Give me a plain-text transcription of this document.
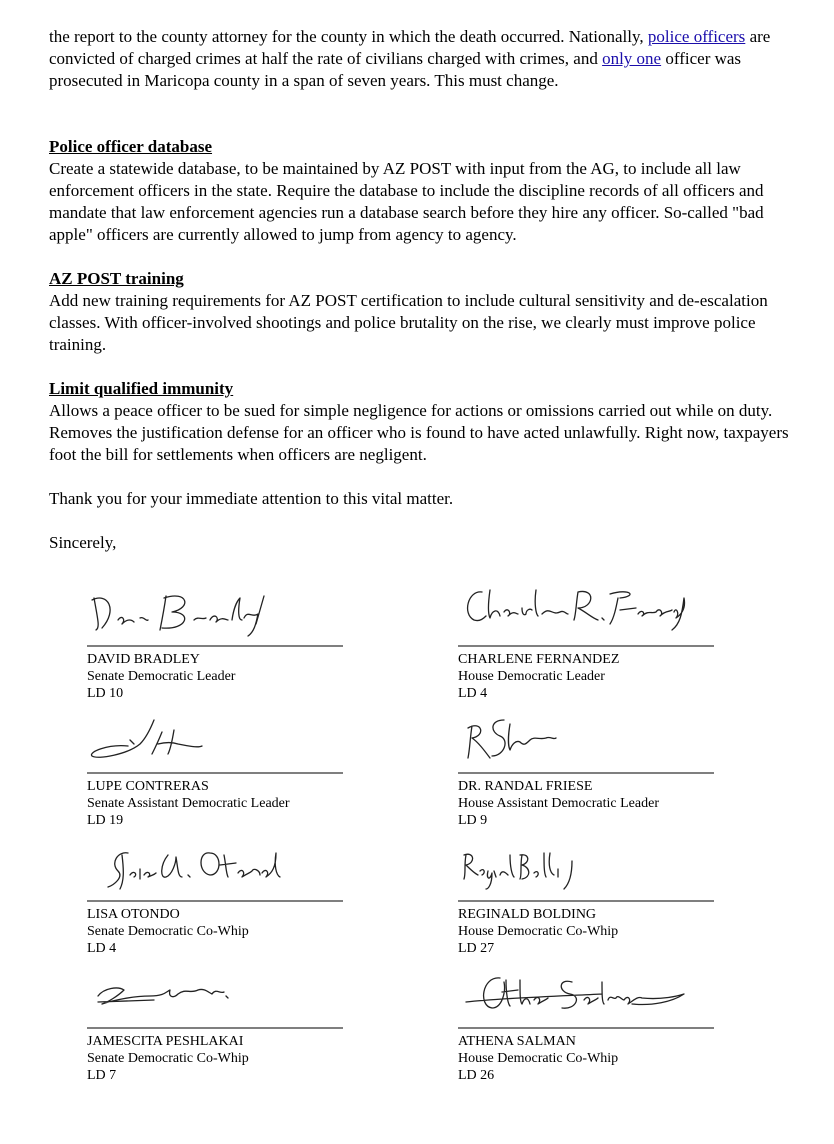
the report to the county attorney for the county in which the death occurred. Nationally, police officers are convicted of charged crimes at half the rate of civilians charged with crimes, and only one officer was prosecuted in Maricopa county in a span of seven years. This must change.

Police officer database

Create a statewide database, to be maintained by AZ POST with input from the AG, to include all law enforcement officers in the state. Require the database to include the discipline records of all officers and mandate that law enforcement agencies run a database search before they hire any officer. So-called "bad apple" officers are currently allowed to jump from agency to agency.

AZ POST training

Add new training requirements for AZ POST certification to include cultural sensitivity and de-escalation classes. With officer-involved shootings and police brutality on the rise, we clearly must improve police training.

Limit qualified immunity

Allows a peace officer to be sued for simple negligence for actions or omissions carried out while on duty. Removes the justification defense for an officer who is found to have acted unlawfully. Right now, taxpayers foot the bill for settlements when officers are negligent.

Thank you for your immediate attention to this vital matter.

Sincerely,

DAVID BRADLEY
Senate Democratic Leader
LD 10
CHARLENE FERNANDEZ
House Democratic Leader
LD 4
LUPE CONTRERAS
Senate Assistant Democratic Leader
LD 19
DR. RANDAL FRIESE
House Assistant Democratic Leader
LD 9
LISA OTONDO
Senate Democratic Co-Whip
LD 4
REGINALD BOLDING
House Democratic Co-Whip
LD 27
JAMESCITA PESHLAKAI
Senate Democratic Co-Whip
LD 7
ATHENA SALMAN
House Democratic Co-Whip
LD 26
